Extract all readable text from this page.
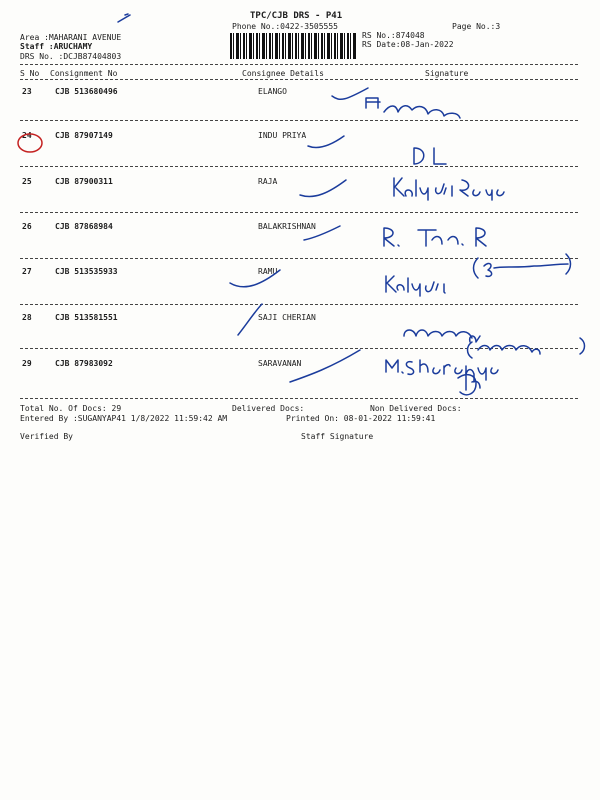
TPC/CJB DRS - P41
Phone No.:0422-3505555	Page No.:3
Area :MAHARANI AVENUE
Staff :ARUCHAMY
DRS No. :DCJB87404803
RS No.:874048
RS Date:08-Jan-2022
S No Consignment No	Consignee Details	Signature
23	CJB 513680496	ELANGO
24	CJB 87907149	INDU PRIYA
25	CJB 87900311	RAJA
26	CJB 87868984	BALAKRISHNAN
27	CJB 513535933	RAMU
28	CJB 513581551	SAJI CHERIAN
29	CJB 87983092	SARAVANAN
Total No. Of Docs: 29	Delivered Docs:	Non Delivered Docs:
Entered By :SUGANYAP41 1/8/2022 11:59:42 AM	Printed On: 08-01-2022 11:59:41
Verified By	Staff Signature
